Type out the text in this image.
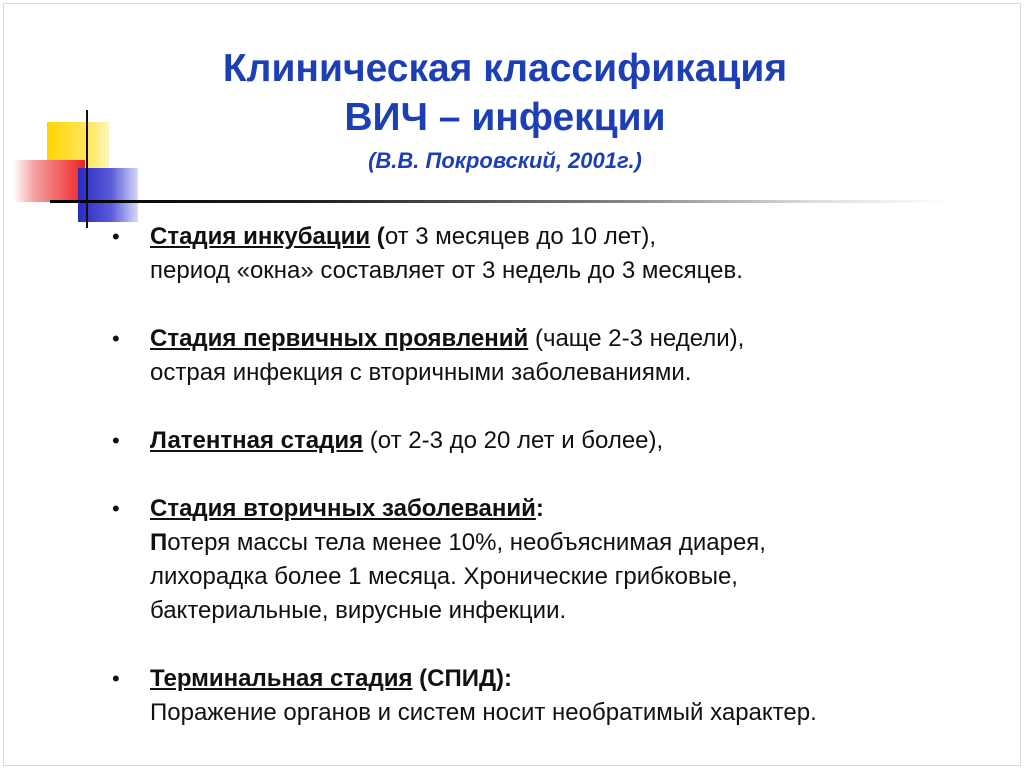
Клиническая классификация
ВИЧ – инфекции
(В.В. Покровский, 2001г.)
• Стадия инкубации (от 3 месяцев до 10 лет),
период «окна» составляет от 3 недель до 3 месяцев.
• Стадия первичных проявлений (чаще 2-3 недели),
острая инфекция с вторичными заболеваниями.
• Латентная стадия (от 2-3 до 20 лет и более),
• Стадия вторичных заболеваний:
Потеря массы тела менее 10%, необъяснимая диарея,
лихорадка более 1 месяца. Хронические грибковые,
бактериальные, вирусные инфекции.
• Терминальная стадия (СПИД):
Поражение органов и систем носит необратимый характер.
